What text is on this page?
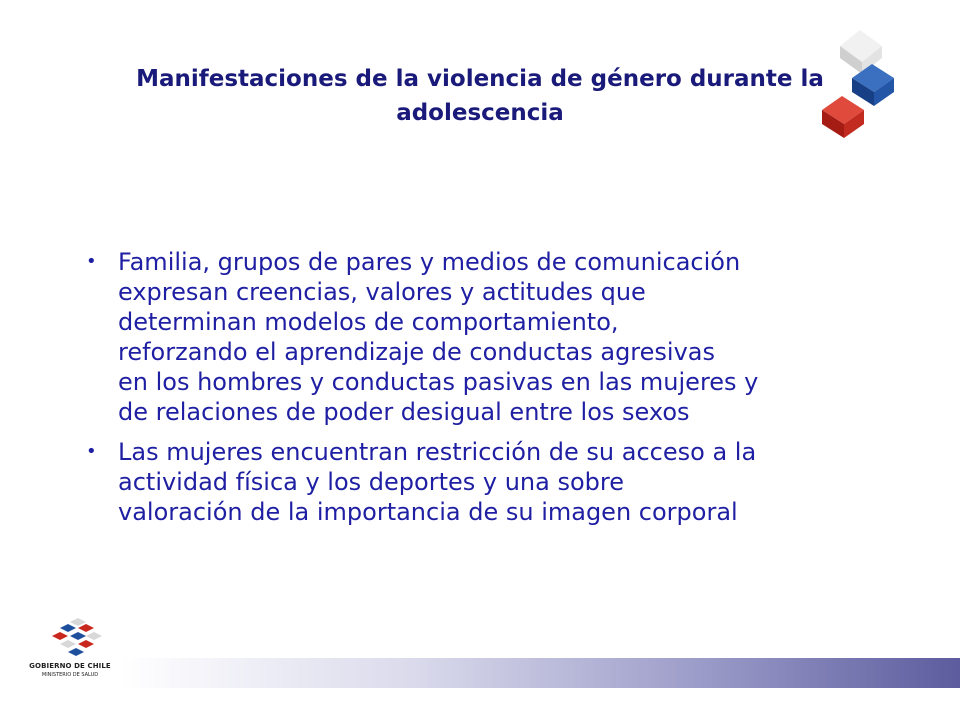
Manifestaciones de la violencia de género durante la
adolescencia
• Familia, grupos de pares y medios de comunicación
expresan creencias, valores y actitudes que
determinan modelos de comportamiento,
reforzando el aprendizaje de conductas agresivas
en los hombres y conductas pasivas en las mujeres y
de relaciones de poder desigual entre los sexos
• Las mujeres encuentran restricción de su acceso a la
actividad física y los deportes y una sobre
valoración de la importancia de su imagen corporal
GOBIERNO DE CHILE
MINISTERIO DE SALUD
